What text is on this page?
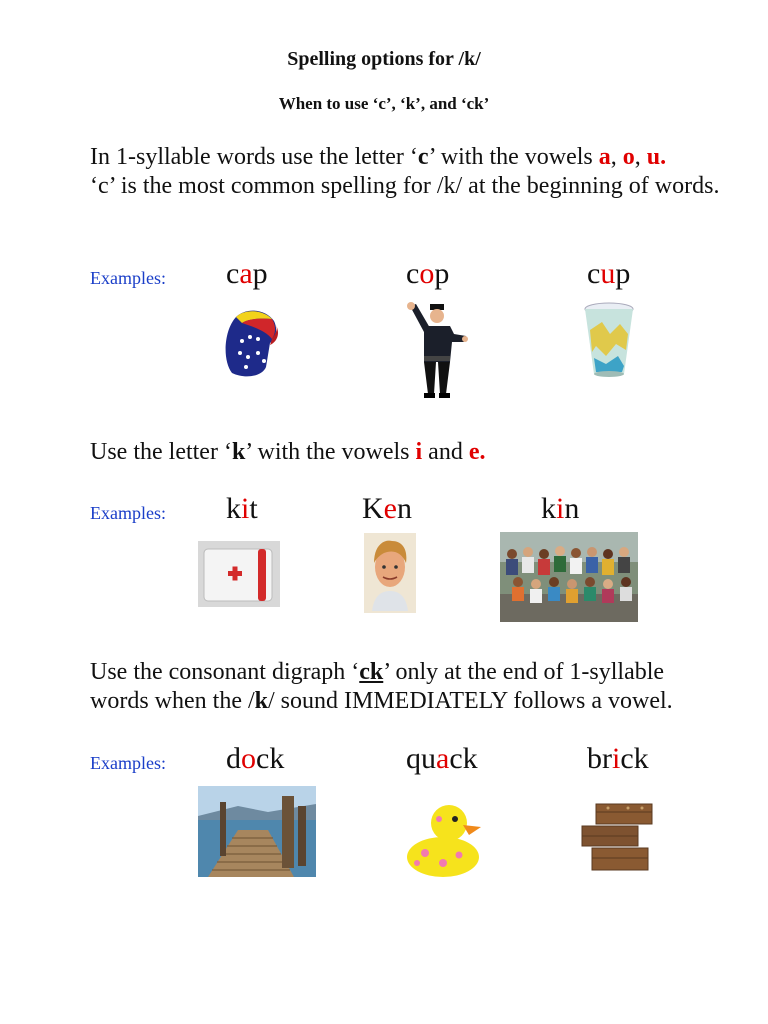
Spelling options for /k/
When to use ‘c’, ‘k’, and ‘ck’
In 1-syllable words use the letter ‘c’ with the vowels a, o, u.
‘c’ is the most common spelling for /k/ at the beginning of words.
Examples: cap	cop	cup
Use the letter ‘k’ with the vowels i and e.
Examples: kit	Ken	kin
Use the consonant digraph ‘ck’ only at the end of 1-syllable words when the /k/ sound IMMEDIATELY follows a vowel.
Examples: dock	quack	brick
